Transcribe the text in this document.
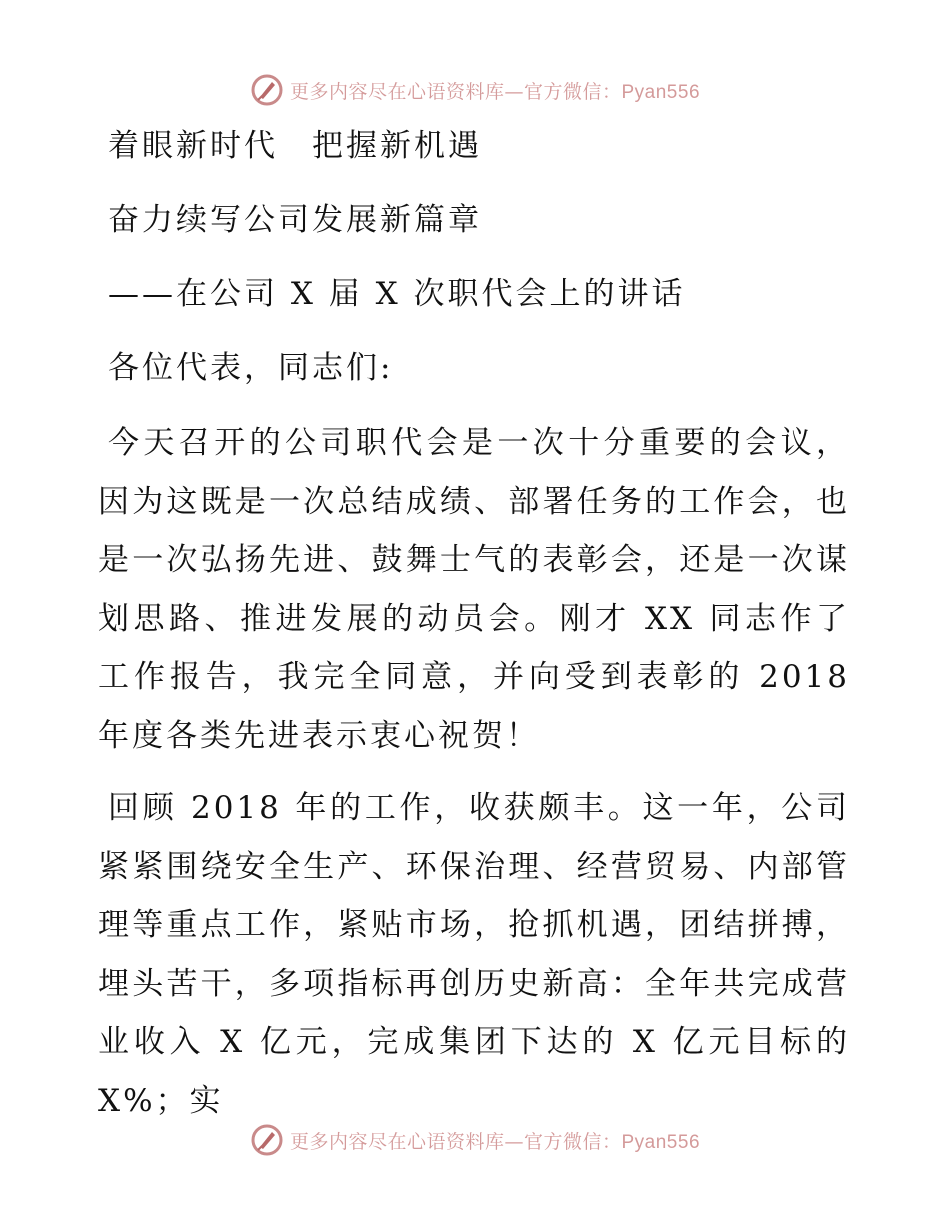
更多内容尽在心语资料库—官方微信：Pyan556
着眼新时代　把握新机遇
奋力续写公司发展新篇章
——在公司 X 届 X 次职代会上的讲话
各位代表，同志们:
今天召开的公司职代会是一次十分重要的会议，因为这既是一次总结成绩、部署任务的工作会，也是一次弘扬先进、鼓舞士气的表彰会，还是一次谋划思路、推进发展的动员会。刚才 XX 同志作了工作报告，我完全同意，并向受到表彰的 2018 年度各类先进表示衷心祝贺！
回顾 2018 年的工作，收获颇丰。这一年，公司紧紧围绕安全生产、环保治理、经营贸易、内部管理等重点工作，紧贴市场，抢抓机遇，团结拼搏，埋头苦干，多项指标再创历史新高：全年共完成营业收入 X 亿元，完成集团下达的 X 亿元目标的 X%；实
更多内容尽在心语资料库—官方微信：Pyan556
